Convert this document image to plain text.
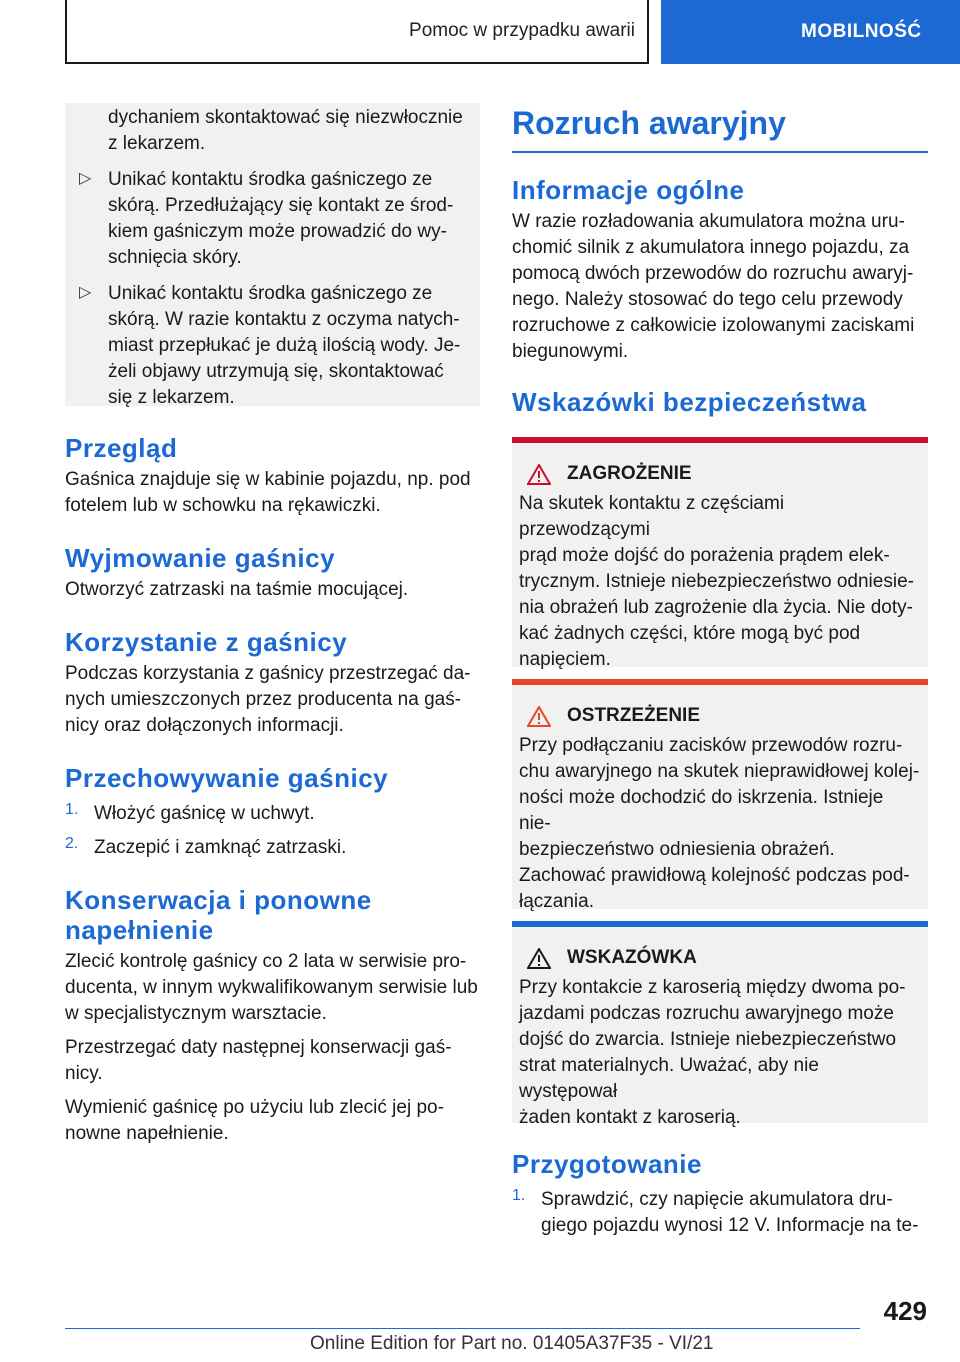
Pomoc w przypadku awarii	MOBILNOŚĆ

dychaniem skontaktować się niezwłocznie
z lekarzem.

▷ Unikać kontaktu środka gaśniczego ze
skórą. Przedłużający się kontakt ze środ‐
kiem gaśniczym może prowadzić do wy‐
schnięcia skóry.

▷ Unikać kontaktu środka gaśniczego ze
skórą. W razie kontaktu z oczyma natych‐
miast przepłukać je dużą ilością wody. Je‐
żeli objawy utrzymują się, skontaktować
się z lekarzem.

Przegląd

Gaśnica znajduje się w kabinie pojazdu, np. pod
fotelem lub w schowku na rękawiczki.

Wyjmowanie gaśnicy

Otworzyć zatrzaski na taśmie mocującej.

Korzystanie z gaśnicy

Podczas korzystania z gaśnicy przestrzegać da‐
nych umieszczonych przez producenta na gaś‐
nicy oraz dołączonych informacji.

Przechowywanie gaśnicy
1. Włożyć gaśnicę w uchwyt.

2. Zaczepić i zamknąć zatrzaski.

Konserwacja i ponowne
napełnienie

Zlecić kontrolę gaśnicy co 2 lata w serwisie pro‐
ducenta, w innym wykwalifikowanym serwisie lub
w specjalistycznym warsztacie.

Przestrzegać daty następnej konserwacji gaś‐
nicy.

Wymienić gaśnicę po użyciu lub zlecić jej po‐
nowne napełnienie.

Rozruch awaryjny
Informacje ogólne

W razie rozładowania akumulatora można uru‐
chomić silnik z akumulatora innego pojazdu, za
pomocą dwóch przewodów do rozruchu awaryj‐
nego. Należy stosować do tego celu przewody
rozruchowe z całkowicie izolowanymi zaciskami
biegunowymi.

Wskazówki bezpieczeństwa
ZAGROŻENIE

Na skutek kontaktu z częściami przewodzącymi
prąd może dojść do porażenia prądem elek‐
trycznym. Istnieje niebezpieczeństwo odniesie‐
nia obrażeń lub zagrożenie dla życia. Nie doty‐
kać żadnych części, które mogą być pod
napięciem.

OSTRZEŻENIE

Przy podłączaniu zacisków przewodów rozru‐
chu awaryjnego na skutek nieprawidłowej kolej‐
ności może dochodzić do iskrzenia. Istnieje nie‐
bezpieczeństwo odniesienia obrażeń.
Zachować prawidłową kolejność podczas pod‐
łączania.

WSKAZÓWKA

Przy kontakcie z karoserią między dwoma po‐
jazdami podczas rozruchu awaryjnego może
dojść do zwarcia. Istnieje niebezpieczeństwo
strat materialnych. Uważać, aby nie występował
żaden kontakt z karoserią.

Przygotowanie
1. Sprawdzić, czy napięcie akumulatora dru‐
giego pojazdu wynosi 12 V. Informacje na te‐

429
Online Edition for Part no. 01405A37F35 - VI/21
